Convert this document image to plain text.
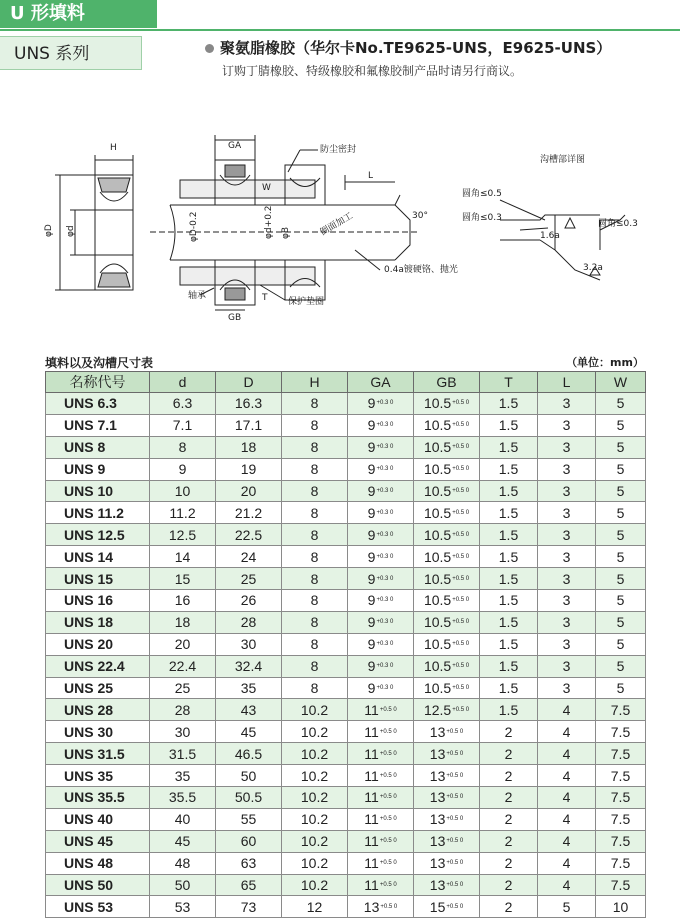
U 形填料
UNS 系列	聚氨脂橡胶（华尔卡No.TE9625-UNS，E9625-UNS）
订购丁腈橡胶、特级橡胶和氟橡胶制产品时请另行商议。
H	GA
GB
W
L
T
φD φd	φD-0.2	φd+0.2 φB
防尘密封
倒面加工	30°
0.4a镀硬铬、抛光
轴承
保护垫圈
沟槽部详图
圆角≤0.5
圆角≤0.3
圆角≤0.3
1.6a
3.2a
填料以及沟槽尺寸表	（单位：mm）
名称代号	d	D	H	GA	GB	T	L	W
UNS 6.3	6.3	16.3	8	$9^{+0.3 0}$	$10.5^{+0.5 0}$	1.5	3	5
UNS 7.1	7.1	17.1	8	$9^{+0.3 0}$	$10.5^{+0.5 0}$	1.5	3	5
UNS 8	8	18	8	$9^{+0.3 0}$	$10.5^{+0.5 0}$	1.5	3	5
UNS 9	9	19	8	$9^{+0.3 0}$	$10.5^{+0.5 0}$	1.5	3	5
UNS 10	10	20	8	$9^{+0.3 0}$	$10.5^{+0.5 0}$	1.5	3	5
UNS 11.2	11.2	21.2	8	$9^{+0.3 0}$	$10.5^{+0.5 0}$	1.5	3	5
UNS 12.5	12.5	22.5	8	$9^{+0.3 0}$	$10.5^{+0.5 0}$	1.5	3	5
UNS 14	14	24	8	$9^{+0.3 0}$	$10.5^{+0.5 0}$	1.5	3	5
UNS 15	15	25	8	$9^{+0.3 0}$	$10.5^{+0.5 0}$	1.5	3	5
UNS 16	16	26	8	$9^{+0.3 0}$	$10.5^{+0.5 0}$	1.5	3	5
UNS 18	18	28	8	$9^{+0.3 0}$	$10.5^{+0.5 0}$	1.5	3	5
UNS 20	20	30	8	$9^{+0.3 0}$	$10.5^{+0.5 0}$	1.5	3	5
UNS 22.4	22.4	32.4	8	$9^{+0.3 0}$	$10.5^{+0.5 0}$	1.5	3	5
UNS 25	25	35	8	$9^{+0.3 0}$	$10.5^{+0.5 0}$	1.5	3	5
UNS 28	28	43	10.2	$11^{+0.5 0}$	$12.5^{+0.5 0}$	1.5	4	7.5
UNS 30	30	45	10.2	$11^{+0.5 0}$	$13^{+0.5 0}$	2	4	7.5
UNS 31.5	31.5	46.5	10.2	$11^{+0.5 0}$	$13^{+0.5 0}$	2	4	7.5
UNS 35	35	50	10.2	$11^{+0.5 0}$	$13^{+0.5 0}$	2	4	7.5
UNS 35.5	35.5	50.5	10.2	$11^{+0.5 0}$	$13^{+0.5 0}$	2	4	7.5
UNS 40	40	55	10.2	$11^{+0.5 0}$	$13^{+0.5 0}$	2	4	7.5
UNS 45	45	60	10.2	$11^{+0.5 0}$	$13^{+0.5 0}$	2	4	7.5
UNS 48	48	63	10.2	$11^{+0.5 0}$	$13^{+0.5 0}$	2	4	7.5
UNS 50	50	65	10.2	$11^{+0.5 0}$	$13^{+0.5 0}$	2	4	7.5
UNS 53	53	73	12	$13^{+0.5 0}$	$15^{+0.5 0}$	2	5	10
